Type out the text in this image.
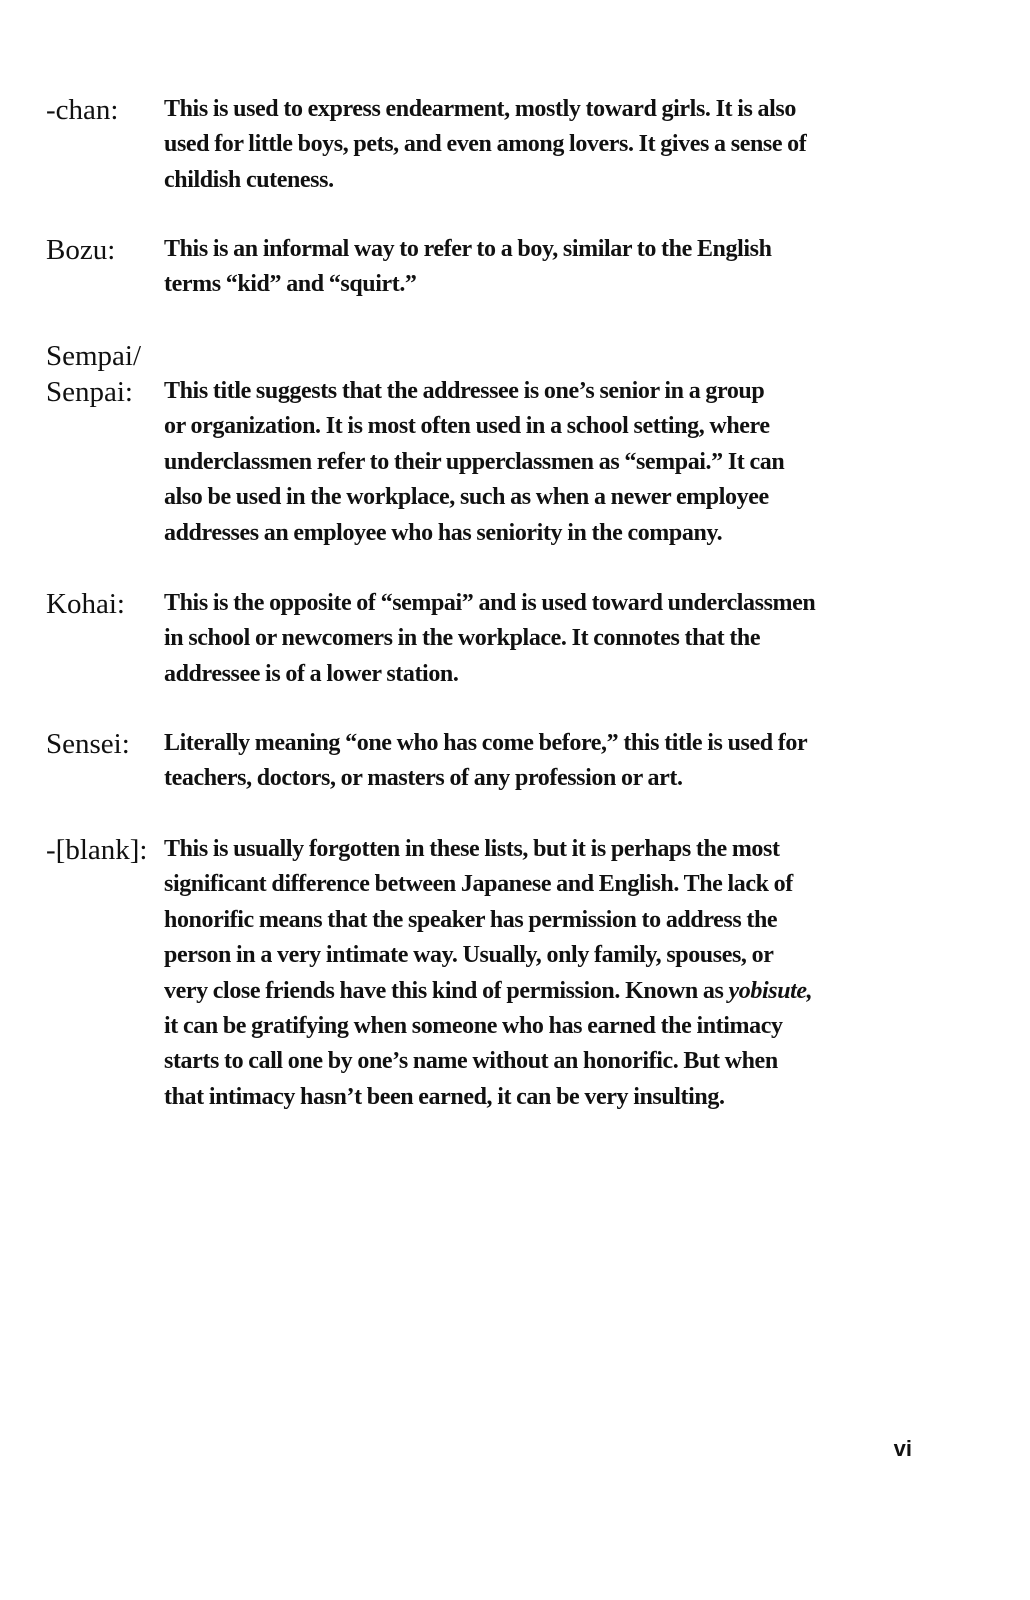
-chan: This is used to express endearment, mostly toward girls. It is also
used for little boys, pets, and even among lovers. It gives a sense of
childish cuteness.
Bozu: This is an informal way to refer to a boy, similar to the English
terms “kid” and “squirt.”
Sempai/
Senpai:	This title suggests that the addressee is one’s senior in a group
or organization. It is most often used in a school setting, where
underclassmen refer to their upperclassmen as “sempai.” It can
also be used in the workplace, such as when a newer employee
addresses an employee who has seniority in the company.
Kohai: This is the opposite of “sempai” and is used toward underclassmen
in school or newcomers in the workplace. It connotes that the
addressee is of a lower station.
Sensei: Literally meaning “one who has come before,” this title is used for
teachers, doctors, or masters of any profession or art.
-[blank]: This is usually forgotten in these lists, but it is perhaps the most
significant difference between Japanese and English. The lack of
honorific means that the speaker has permission to address the
person in a very intimate way. Usually, only family, spouses, or
very close friends have this kind of permission. Known as yobisute,
it can be gratifying when someone who has earned the intimacy
starts to call one by one’s name without an honorific. But when
that intimacy hasn’t been earned, it can be very insulting.
vi
